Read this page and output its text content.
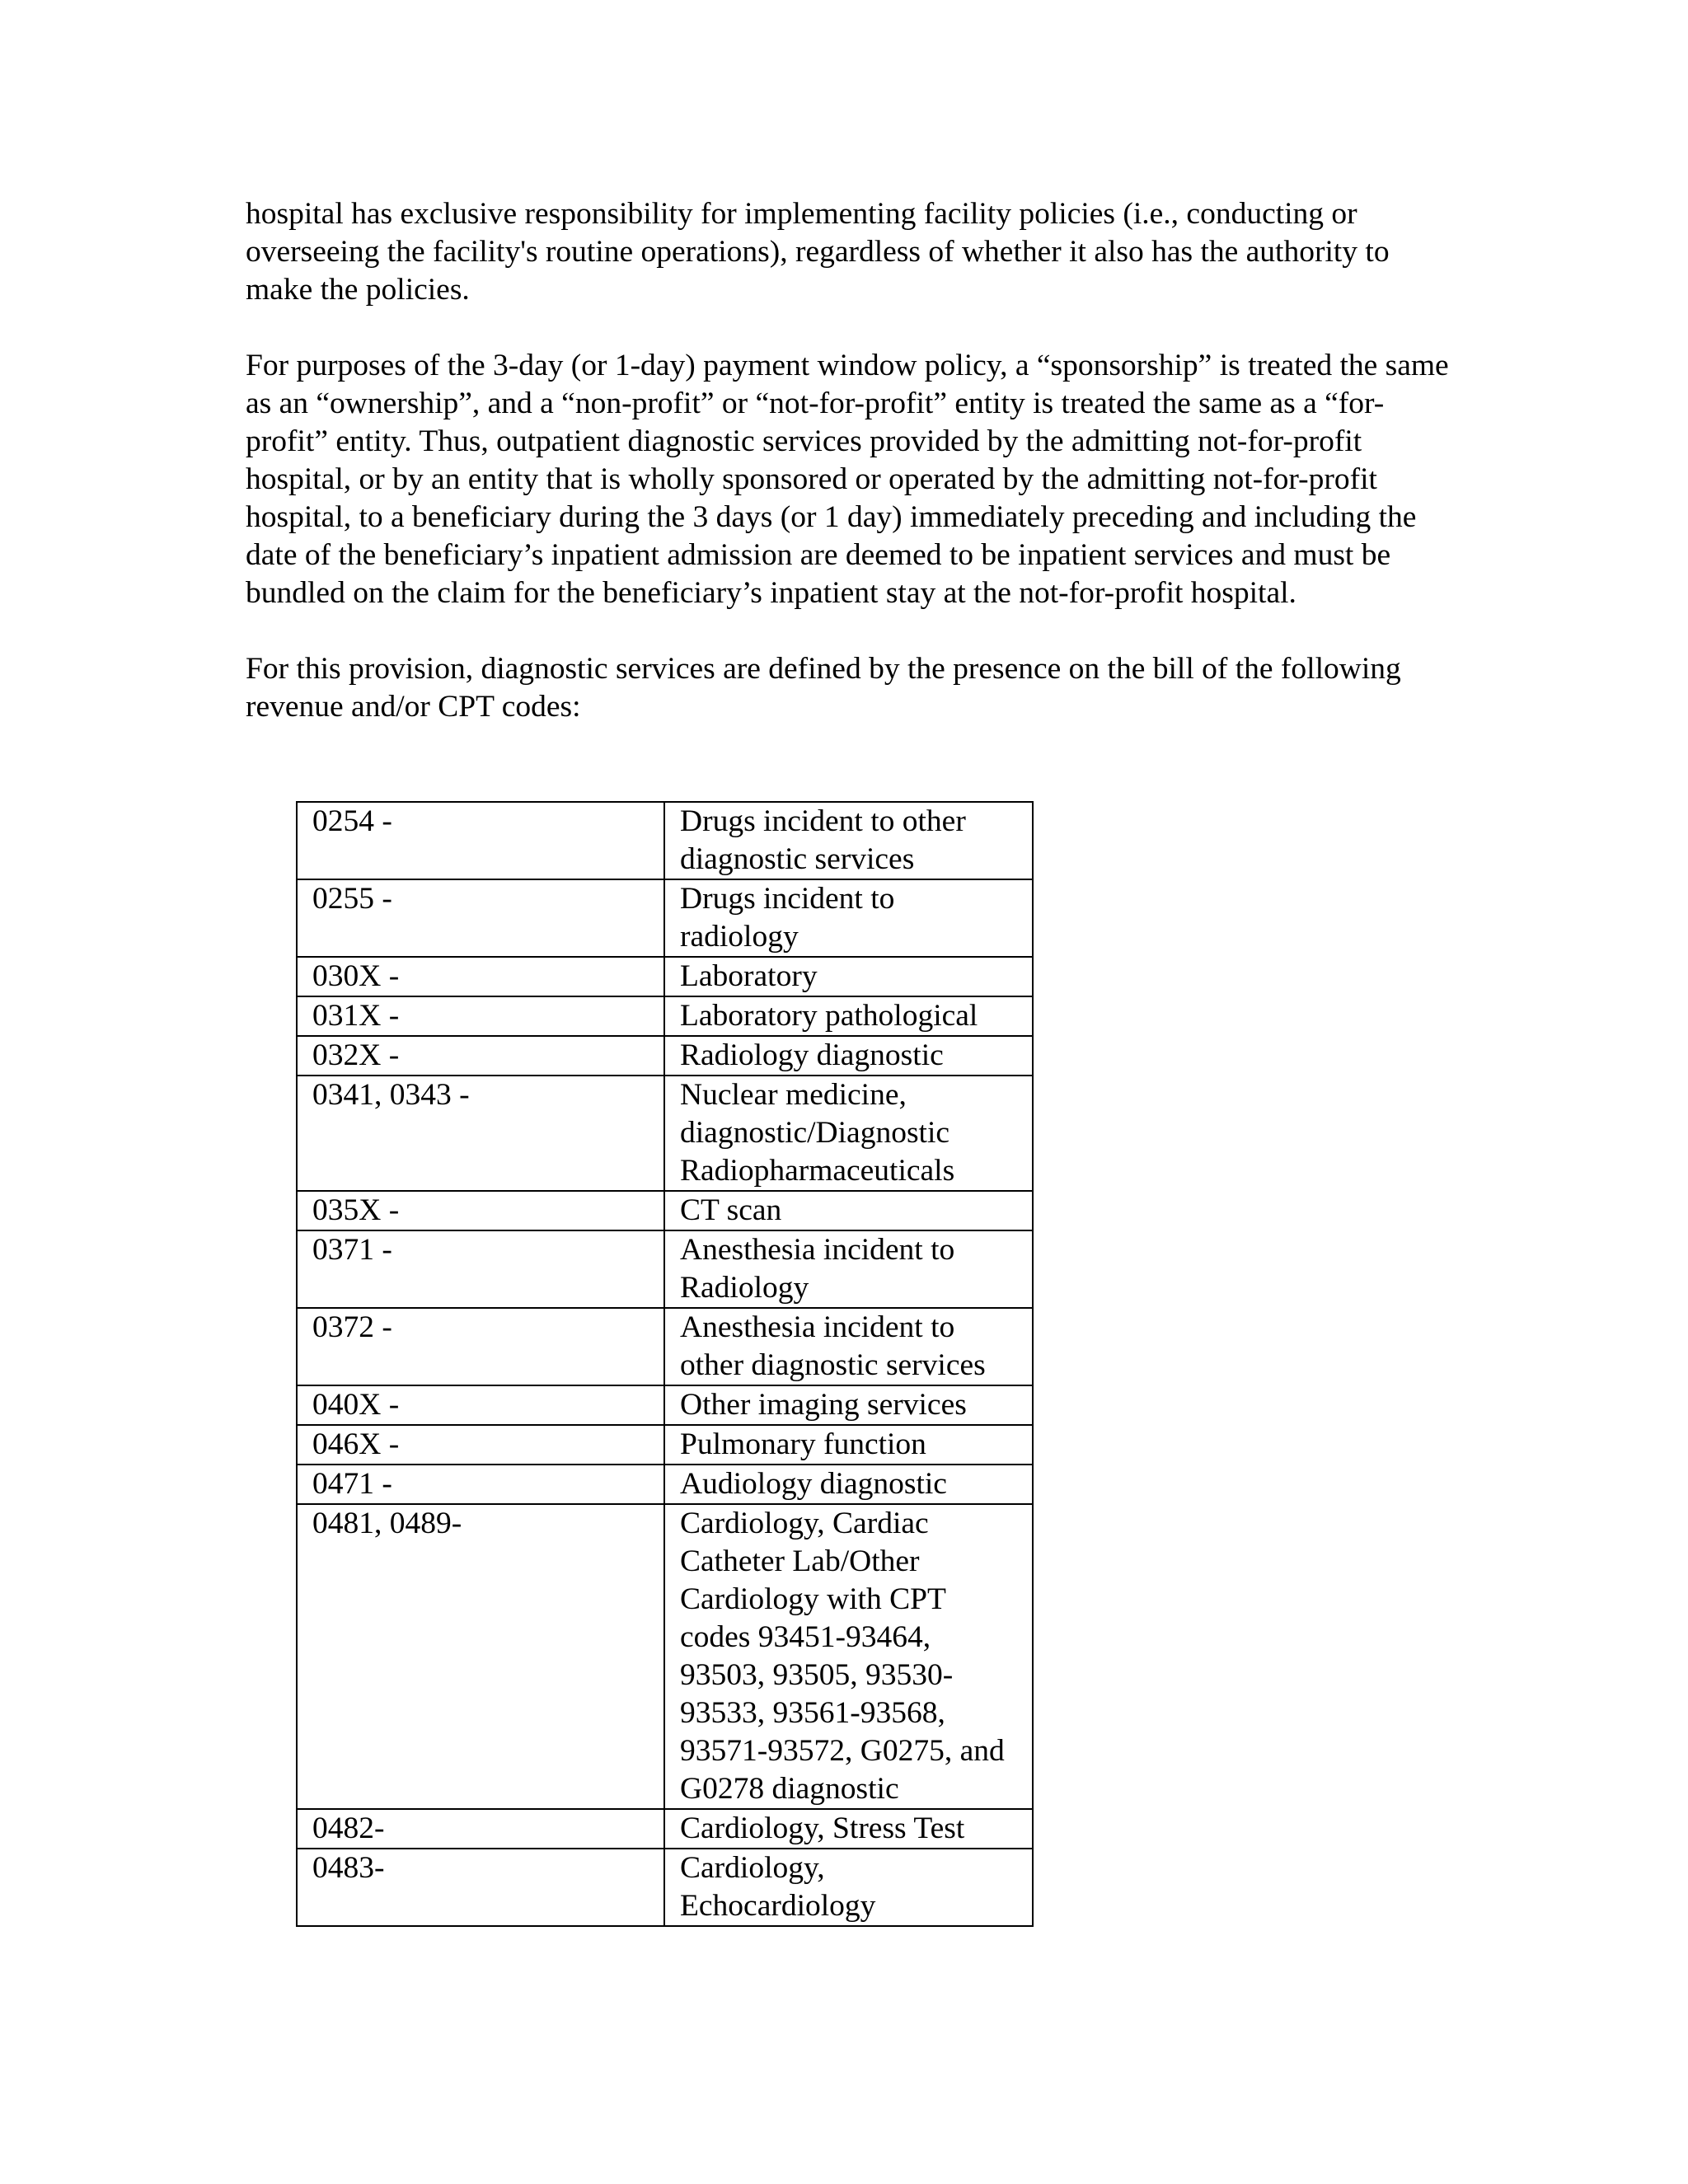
hospital has exclusive responsibility for implementing facility policies (i.e., conducting or overseeing the facility's routine operations), regardless of whether it also has the authority to make the policies.

For purposes of the 3-day (or 1-day) payment window policy, a “sponsorship” is treated the same as an “ownership”, and a “non-profit” or “not-for-profit” entity is treated the same as a “for-profit” entity. Thus, outpatient diagnostic services provided by the admitting not-for-profit hospital, or by an entity that is wholly sponsored or operated by the admitting not-for-profit hospital, to a beneficiary during the 3 days (or 1 day) immediately preceding and including the date of the beneficiary’s inpatient admission are deemed to be inpatient services and must be bundled on the claim for the beneficiary’s inpatient stay at the not-for-profit hospital.

For this provision, diagnostic services are defined by the presence on the bill of the following revenue and/or CPT codes:

0254 -	Drugs incident to other diagnostic services
0255 -	Drugs incident to radiology
030X -	Laboratory
031X -	Laboratory pathological
032X -	Radiology diagnostic
0341, 0343 -	Nuclear medicine, diagnostic/Diagnostic Radiopharmaceuticals
035X -	CT scan
0371 -	Anesthesia incident to Radiology
0372 -	Anesthesia incident to other diagnostic services
040X -	Other imaging services
046X -	Pulmonary function
0471 -	Audiology diagnostic
0481, 0489-	Cardiology, Cardiac Catheter Lab/Other Cardiology with CPT codes 93451-93464, 93503, 93505, 93530-93533, 93561-93568, 93571-93572, G0275, and G0278 diagnostic
0482-	Cardiology, Stress Test
0483-	Cardiology, Echocardiology
